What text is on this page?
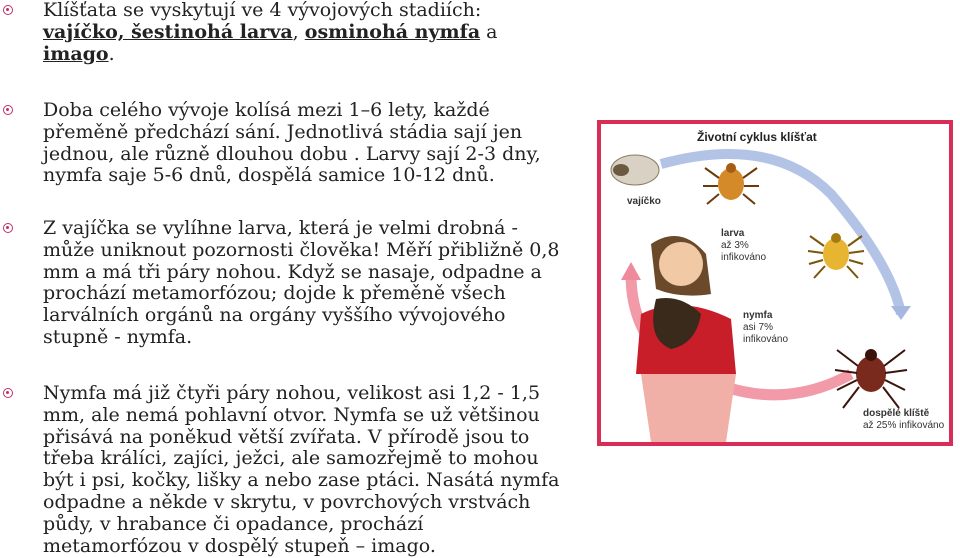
Klíšťata se vyskytují ve 4 vývojových stadiích:
vajíčko, šestinohá larva, osminohá nymfa a
imago.
Doba celého vývoje kolísá mezi 1–6 lety, každé
přeměně předchází sání. Jednotlivá stádia sají jen
jednou, ale různě dlouhou dobu . Larvy sají 2-3 dny,
nymfa saje 5-6 dnů, dospělá samice 10-12 dnů.
Z vajíčka se vylíhne larva, která je velmi drobná -
může uniknout pozornosti člověka! Měří přibližně 0,8
mm a má tři páry nohou. Když se nasaje, odpadne a
prochází metamorfózou; dojde k přeměně všech
larválních orgánů na orgány vyššího vývojového
stupně - nymfa.
Nymfa má již čtyři páry nohou, velikost asi 1,2 - 1,5
mm, ale nemá pohlavní otvor. Nymfa se už většinou
přisává na poněkud větší zvířata. V přírodě jsou to
třeba králíci, zajíci, ježci, ale samozřejmě to mohou
být i psi, kočky, lišky a nebo zase ptáci. Nasátá nymfa
odpadne a někde v skrytu, v povrchových vrstvách
půdy, v hrabance či opadance, prochází
metamorfózou v dospělý stupeň – imago.
Životní cyklus klíšťat
vajíčko
larva
až 3%
infikováno
nymfa
asi 7%
infikováno
dospělé klíště
až 25% infikováno
